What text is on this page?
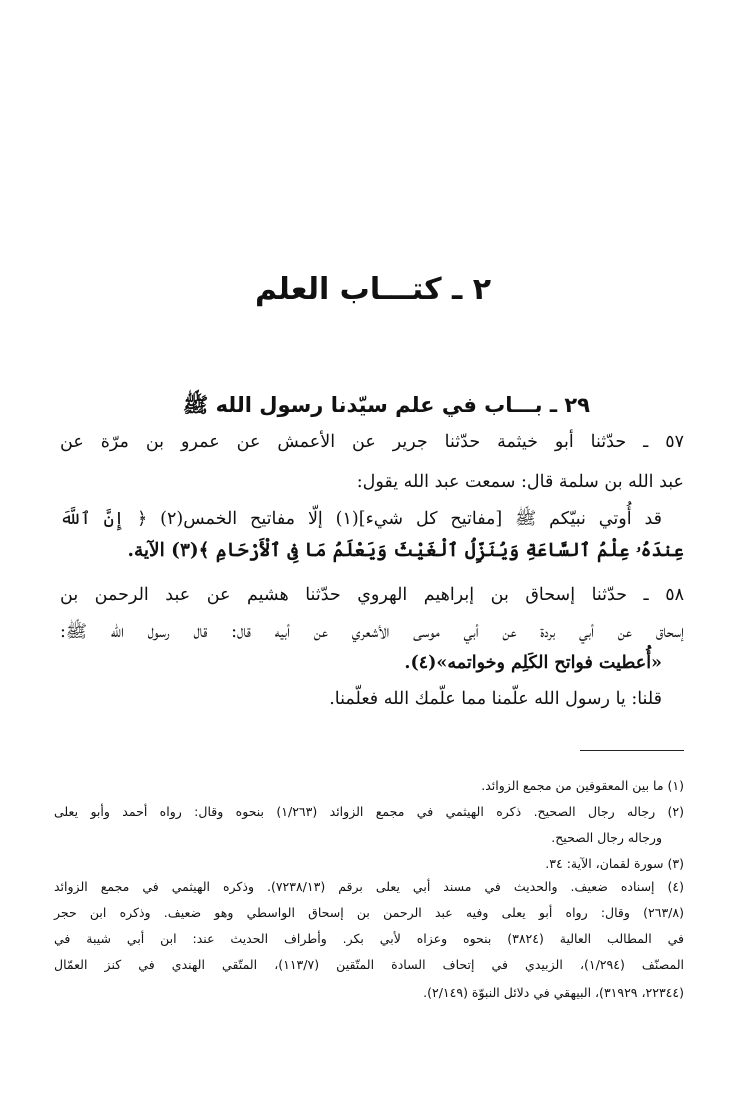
٢ ـ كتـــاب العلم
٢٩ ـ بـــاب في علم سيّدنا رسول الله ﷺ
٥٧ ـ حدّثنا أبو خيثمة حدّثنا جرير عن الأعمش عن عمرو بن مرّة عن
عبد الله بن سلمة قال: سمعت عبد الله يقول:
قد أُوتي نبيّكم ﷺ [مفاتيح كل شيء](١) إلّا مفاتيح الخمس(٢) ﴿ إِنَّ ٱللَّهَ
عِندَهُۥ عِلْمُ ٱلسَّاعَةِ وَيُنَزِّلُ ٱلْغَيْثَ وَيَعْلَمُ مَا فِى ٱلْأَرْحَامِ ﴾(٣) الآية.
٥٨ ـ حدّثنا إسحاق بن إبراهيم الهروي حدّثنا هشيم عن عبد الرحمن بن
إسحاق عن أبي بردة عن أبي موسى الأشعري عن أبيه قال: قال رسول الله ﷺ:
«أُعطيت فواتح الكَلِم وخواتمه»(٤).
قلنا: يا رسول الله علّمنا مما علّمك الله فعلّمنا.
(١) ما بين المعقوفين من مجمع الزوائد.
(٢) رجاله رجال الصحيح. ذكره الهيثمي في مجمع الزوائد (١/٢٦٣) بنحوه وقال: رواه أحمد وأبو يعلى
ورجاله رجال الصحيح.
(٣) سورة لقمان، الآية: ٣٤.
(٤) إسناده ضعيف. والحديث في مسند أبي يعلى برقم (٧٢٣٨/١٣). وذكره الهيثمي في مجمع الزوائد
(٢٦٣/٨) وقال: رواه أبو يعلى وفيه عبد الرحمن بن إسحاق الواسطي وهو ضعيف. وذكره ابن حجر
في المطالب العالية (٣٨٢٤) بنحوه وعزاه لأبي بكر. وأطراف الحديث عند: ابن أبي شيبة في
المصنّف (١/٢٩٤)، الزبيدي في إتحاف السادة المتّقين (١١٣/٧)، المتّقي الهندي في كنز العمّال
(٢٢٣٤٤، ٣١٩٢٩)، البيهقي في دلائل النبوّة (٢/١٤٩).
